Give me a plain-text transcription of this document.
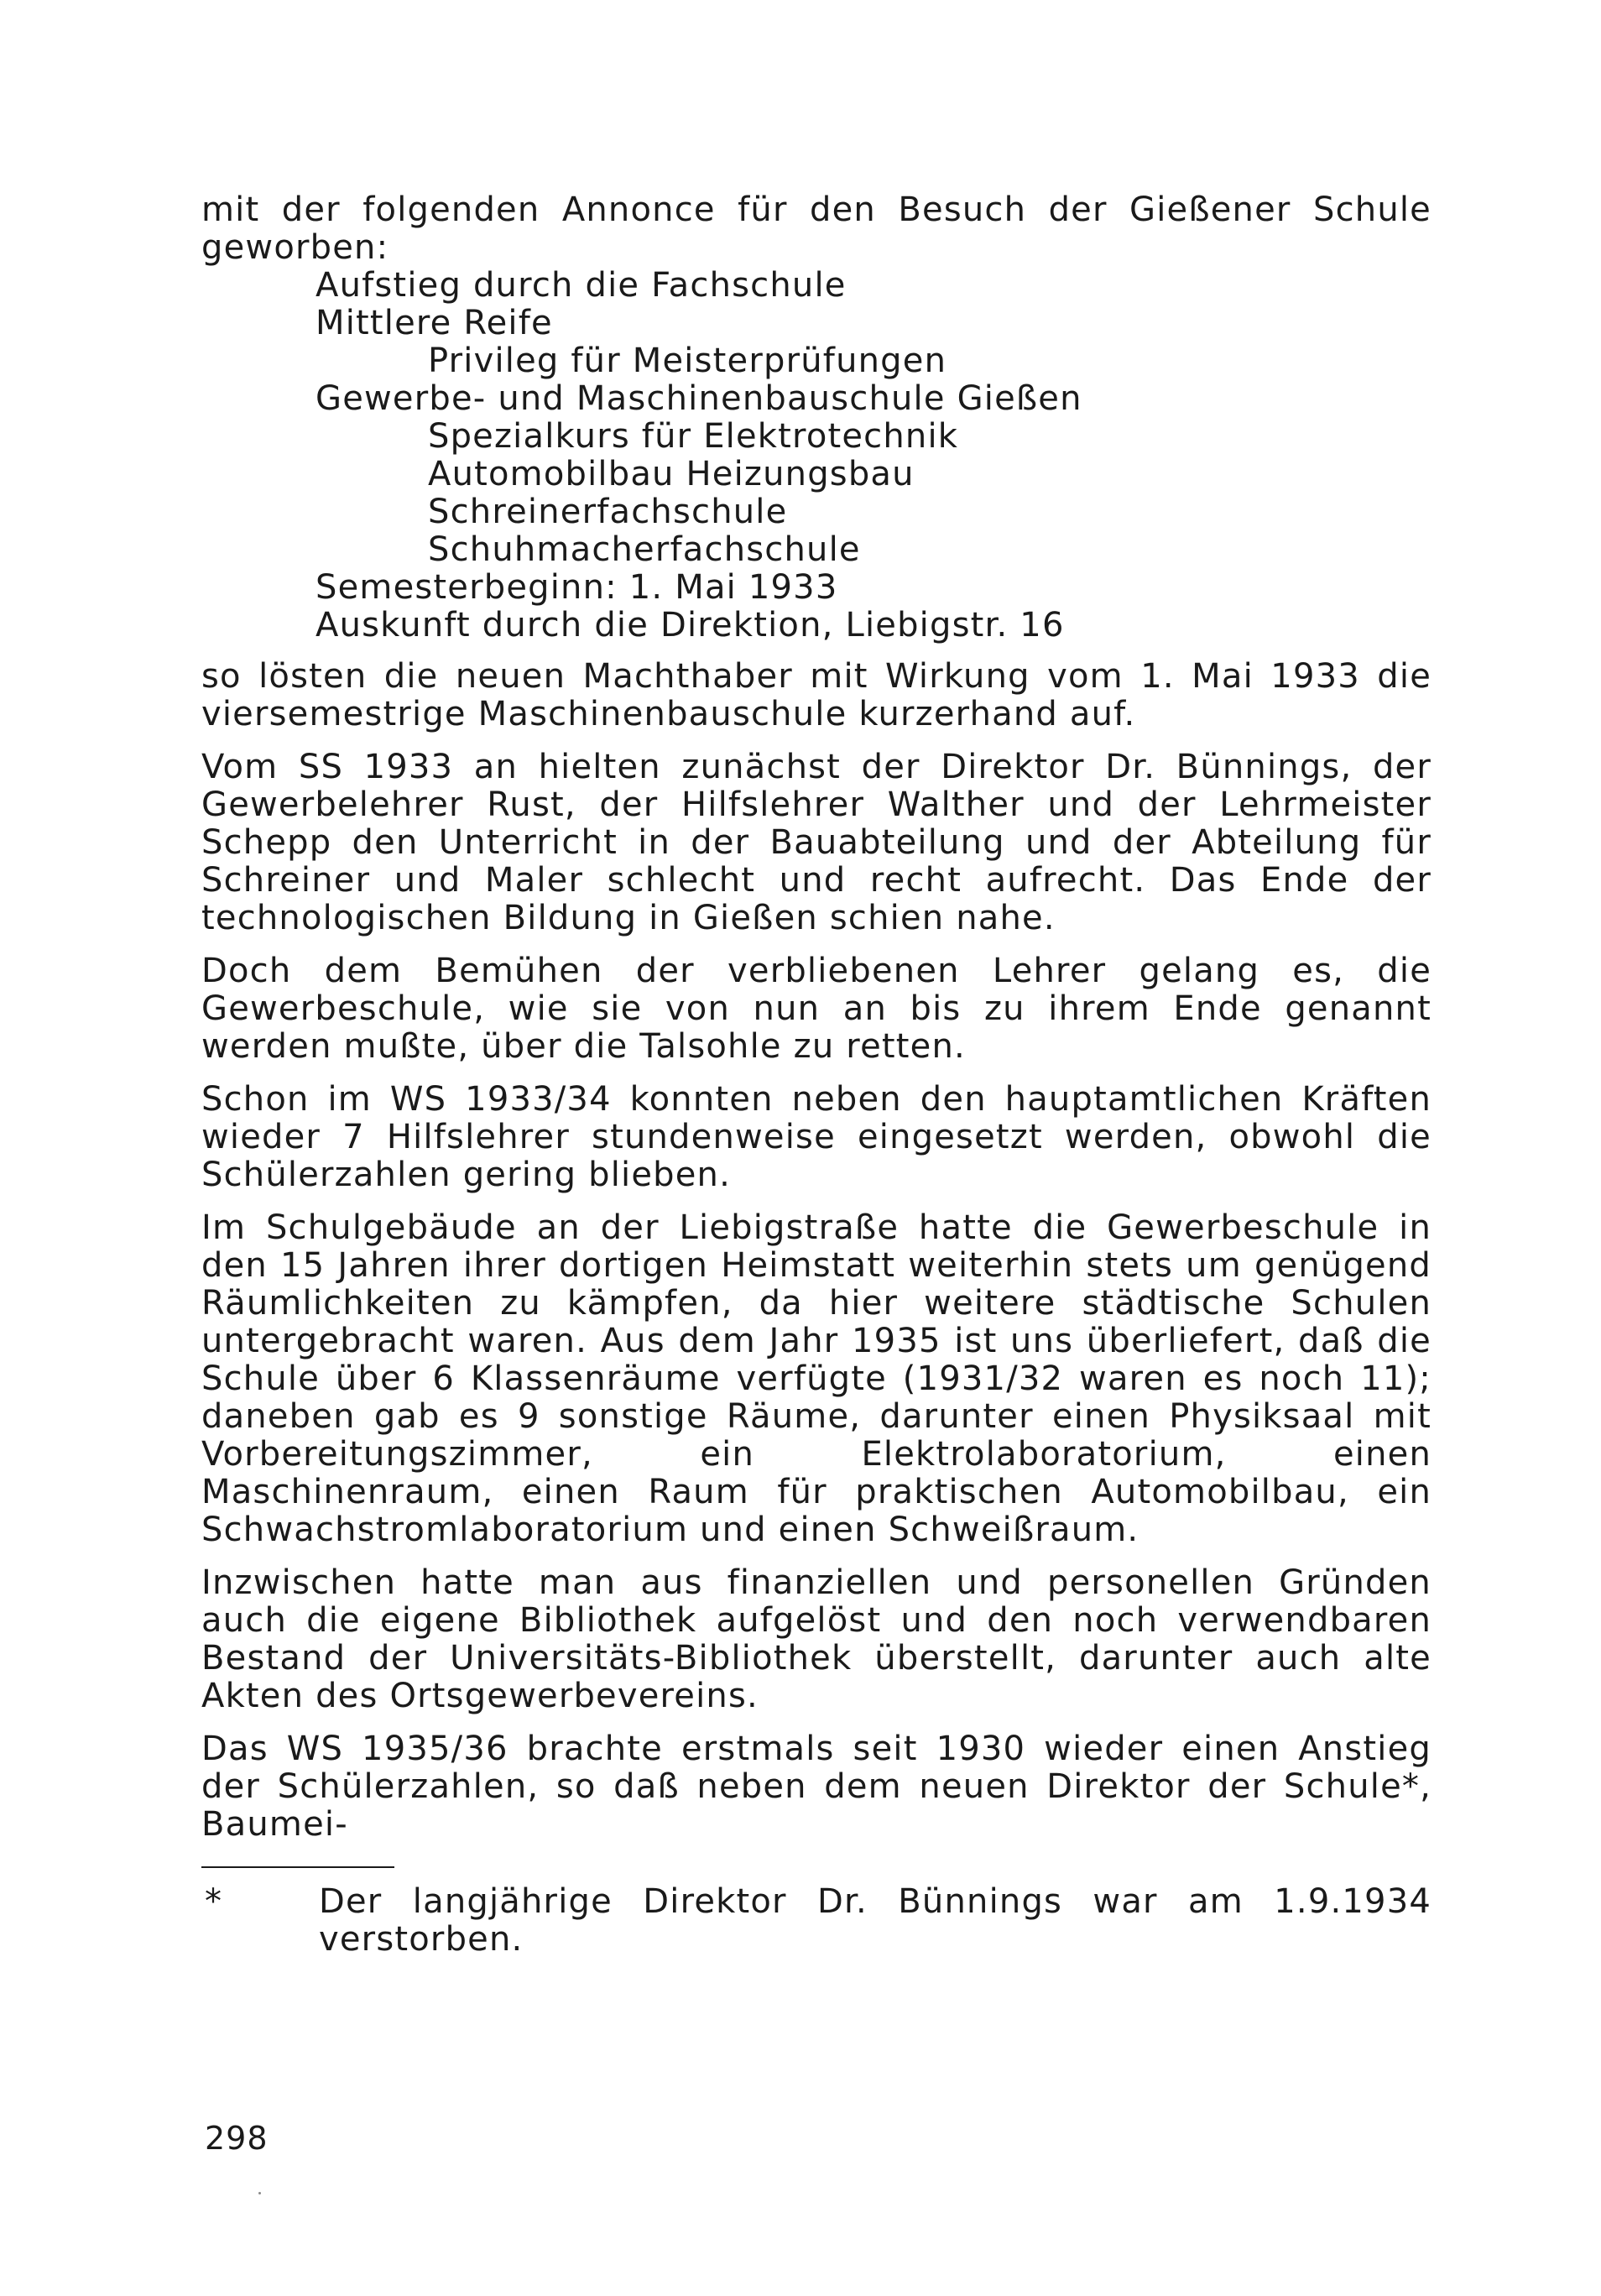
mit der folgenden Annonce für den Besuch der Gießener Schule geworben:

Aufstieg durch die Fachschule

Mittlere Reife

Privileg für Meisterprüfungen

Gewerbe- und Maschinenbauschule Gießen

Spezialkurs für Elektrotechnik

Automobilbau Heizungsbau

Schreinerfachschule

Schuhmacherfachschule

Semesterbeginn: 1. Mai 1933

Auskunft durch die Direktion, Liebigstr. 16

so lösten die neuen Machthaber mit Wirkung vom 1. Mai 1933 die viersemestrige Maschinenbauschule kurzerhand auf.

Vom SS 1933 an hielten zunächst der Direktor Dr. Bünnings, der Gewerbelehrer Rust, der Hilfslehrer Walther und der Lehrmeister Schepp den Unterricht in der Bauabteilung und der Abteilung für Schreiner und Maler schlecht und recht aufrecht. Das Ende der technologischen Bildung in Gießen schien nahe.

Doch dem Bemühen der verbliebenen Lehrer gelang es, die Gewerbeschule, wie sie von nun an bis zu ihrem Ende genannt werden mußte, über die Talsohle zu retten.

Schon im WS 1933/34 konnten neben den hauptamtlichen Kräften wieder 7 Hilfslehrer stundenweise eingesetzt werden, obwohl die Schülerzahlen gering blieben.

Im Schulgebäude an der Liebigstraße hatte die Gewerbeschule in den 15 Jahren ihrer dortigen Heimstatt weiterhin stets um genügend Räumlichkeiten zu kämpfen, da hier weitere städtische Schulen untergebracht waren. Aus dem Jahr 1935 ist uns überliefert, daß die Schule über 6 Klassenräume verfügte (1931/32 waren es noch 11); daneben gab es 9 sonstige Räume, darunter einen Physiksaal mit Vorbereitungszimmer, ein Elektrolaboratorium, einen Maschinenraum, einen Raum für praktischen Automobilbau, ein Schwachstromlaboratorium und einen Schweißraum.

Inzwischen hatte man aus finanziellen und personellen Gründen auch die eigene Bibliothek aufgelöst und den noch verwendbaren Bestand der Universitäts-Bibliothek überstellt, darunter auch alte Akten des Ortsgewerbevereins.

Das WS 1935/36 brachte erstmals seit 1930 wieder einen Anstieg der Schülerzahlen, so daß neben dem neuen Direktor der Schule*, Baumei-

*	Der langjährige Direktor Dr. Bünnings war am 1.9.1934 verstorben.

298
